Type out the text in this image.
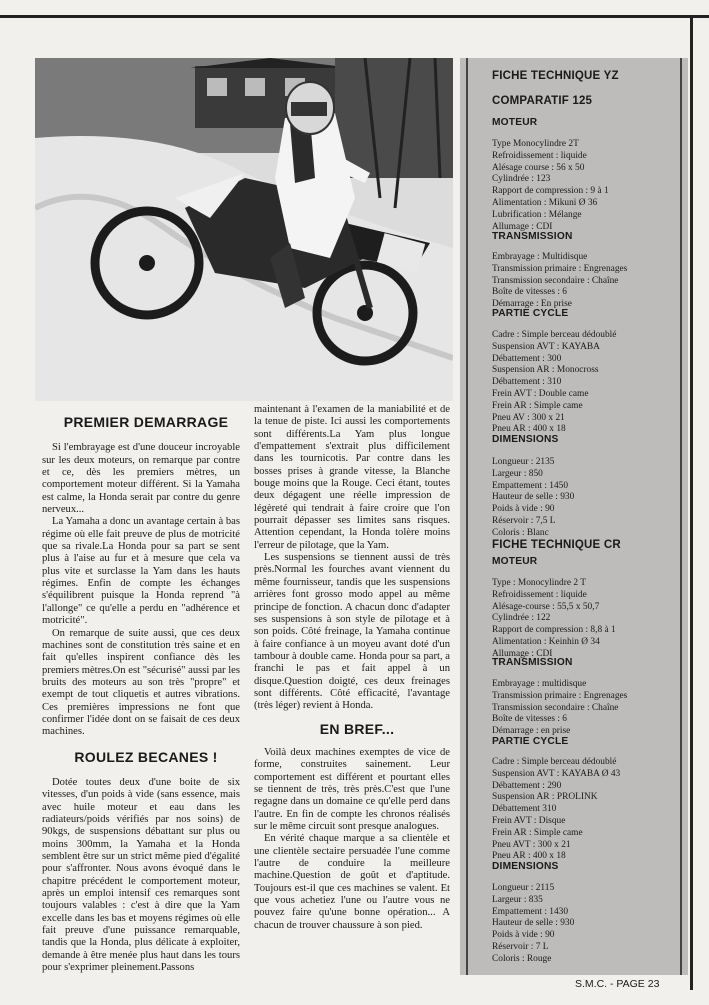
PREMIER DEMARRAGE

Si l'embrayage est d'une douceur incroyable sur les deux moteurs, on remarque par contre et ce, dès les premiers mètres, un comportement moteur différent. Si la Yamaha est calme, la Honda serait par contre du genre nerveux...

La Yamaha a donc un avantage certain à bas régime où elle fait preuve de plus de motricité que sa rivale.La Honda pour sa part se sent plus à l'aise au fur et à mesure que cela va plus vite et surclasse la Yam dans les hauts régimes. Enfin de compte les échanges s'équilibrent puisque la Honda reprend "à l'allonge" ce qu'elle a perdu en "adhérence et motricité".

On remarque de suite aussi, que ces deux machines sont de constitution très saine et en fait qu'elles inspirent confiance dès les premiers mètres.On est "sécurisé" aussi par les bruits des moteurs au son très "propre" et exempt de tout cliquetis et autres vibrations. Ces premières impressions ne font que confirmer l'idée dont on se faisait de ces deux machines.

ROULEZ BECANES !

Dotée toutes deux d'une boite de six vitesses, d'un poids à vide (sans essence, mais avec huile moteur et eau dans les radiateurs/poids vérifiés par nos soins) de 90kgs, de suspensions débattant sur plus ou moins 300mm, la Yamaha et la Honda semblent être sur un strict même pied d'égalité pour s'affronter. Nous avons évoqué dans le chapitre précédent le comportement moteur, après un emploi intensif ces remarques sont toujours valables : c'est à dire que la Yam excelle dans les bas et moyens régimes où elle fait preuve d'une puissance remarquable, tandis que la Honda, plus délicate à exploiter, demande à être menée plus haut dans les tours pour s'exprimer pleinement.Passons

maintenant à l'examen de la maniabilité et de la tenue de piste. Ici aussi les comportements sont différents.La Yam plus longue d'empattement s'extrait plus difficilement dans les tournicotis. Par contre dans les bosses prises à grande vitesse, la Blanche bouge moins que la Rouge. Ceci étant, toutes deux dégagent une réelle impression de légèreté qui tendrait à faire croire que l'on pourrait dépasser ses limites sans risques. Attention cependant, la Honda tolère moins l'erreur de pilotage, que la Yam.

Les suspensions se tiennent aussi de très près.Normal les fourches avant viennent du même fournisseur, tandis que les suspensions arrières font grosso modo appel au même principe de fonction. A chacun donc d'adapter ses suspensions à son style de pilotage et à son poids. Côté freinage, la Yamaha continue à faire confiance à un moyeu avant doté d'un tambour à double came. Honda pour sa part, a franchi le pas et fait appel à un disque.Question doigté, ces deux freinages sont différents. Côté efficacité, l'avantage (très léger) revient à Honda.

EN BREF...

Voilà deux machines exemptes de vice de forme, construites sainement. Leur comportement est différent et pourtant elles se tiennent de très, très près.C'est que l'une regagne dans un domaine ce qu'elle perd dans l'autre. En fin de compte les chronos réalisés sur le même circuit sont presque analogues.

En vérité chaque marque a sa clientèle et une clientèle sectaire persuadée l'une comme l'autre de conduire la meilleure machine.Question de goût et d'aptitude. Toujours est-il que ces machines se valent. Et que vous achetiez l'une ou l'autre vous ne pouvez faire qu'une bonne opération... A chacun de trouver chaussure à son pied.

FICHE TECHNIQUE YZ
COMPARATIF 125
MOTEUR
Type Monocylindre 2T
Refroidissement : liquide
Alésage course : 56 x 50
Cylindrée : 123
Rapport de compression : 9 à 1
Alimentation : Mikuni Ø 36
Lubrification : Mélange
Allumage : CDI
TRANSMISSION
Embrayage : Multidisque
Transmission primaire : Engrenages
Transmission secondaire : Chaîne
Boîte de vitesses : 6
Démarrage : En prise
PARTIE CYCLE
Cadre : Simple berceau dédoublé
Suspension AVT : KAYABA
Débattement : 300
Suspension AR : Monocross
Débattement : 310
Frein AVT : Double came
Frein AR : Simple came
Pneu AV : 300 x 21
Pneu AR : 400 x 18
DIMENSIONS
Longueur : 2135
Largeur : 850
Empattement : 1450
Hauteur de selle : 930
Poids à vide : 90
Réservoir : 7,5 L
Coloris : Blanc
FICHE TECHNIQUE CR
MOTEUR
Type : Monocylindre 2 T
Refroidissement : liquide
Alésage-course : 55,5 x 50,7
Cylindrée : 122
Rapport de compression : 8,8 à 1
Alimentation : Keinhin Ø 34
Allumage : CDI
TRANSMISSION
Embrayage : multidisque
Transmission primaire : Engrenages
Transmission secondaire : Chaîne
Boîte de vitesses : 6
Démarrage : en prise
PARTIE CYCLE
Cadre : Simple berceau dédoublé
Suspension AVT : KAYABA Ø 43
Débattement : 290
Suspension AR : PROLINK
Débattement 310
Frein AVT : Disque
Frein AR : Simple came
Pneu AVT : 300 x 21
Pneu AR : 400 x 18
DIMENSIONS
Longueur : 2115
Largeur : 835
Empattement : 1430
Hauteur de selle : 930
Poids à vide : 90
Réservoir : 7 L
Coloris : Rouge
S.M.C. - PAGE 23
